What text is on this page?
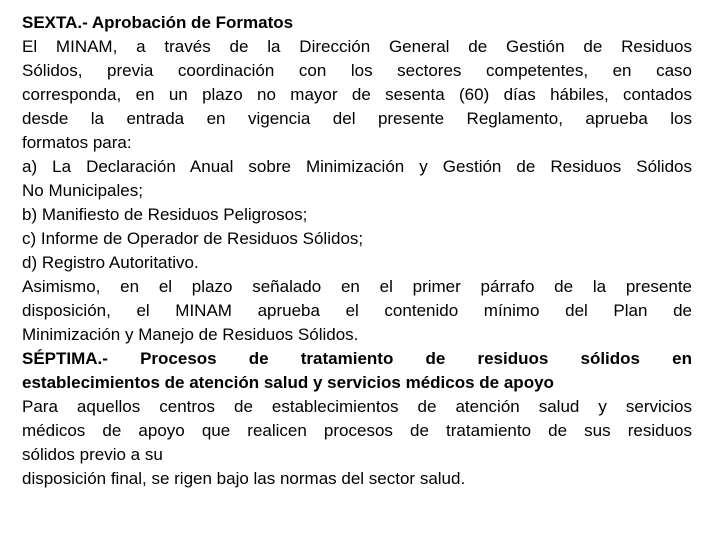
SEXTA.- Aprobación de Formatos
El MINAM, a través de la Dirección General de Gestión de Residuos
Sólidos, previa coordinación con los sectores competentes, en caso
corresponda, en un plazo no mayor de sesenta (60) días hábiles, contados
desde la entrada en vigencia del presente Reglamento, aprueba los
formatos para:
a) La Declaración Anual sobre Minimización y Gestión de Residuos Sólidos
No Municipales;
b) Manifiesto de Residuos Peligrosos;
c) Informe de Operador de Residuos Sólidos;
d) Registro Autoritativo.
Asimismo, en el plazo señalado en el primer párrafo de la presente
disposición, el MINAM aprueba el contenido mínimo del Plan de
Minimización y Manejo de Residuos Sólidos.
SÉPTIMA.- Procesos de tratamiento de residuos sólidos en
establecimientos de atención salud y servicios médicos de apoyo
Para aquellos centros de establecimientos de atención salud y servicios
médicos de apoyo que realicen procesos de tratamiento de sus residuos
sólidos previo a su
disposición final, se rigen bajo las normas del sector salud.
